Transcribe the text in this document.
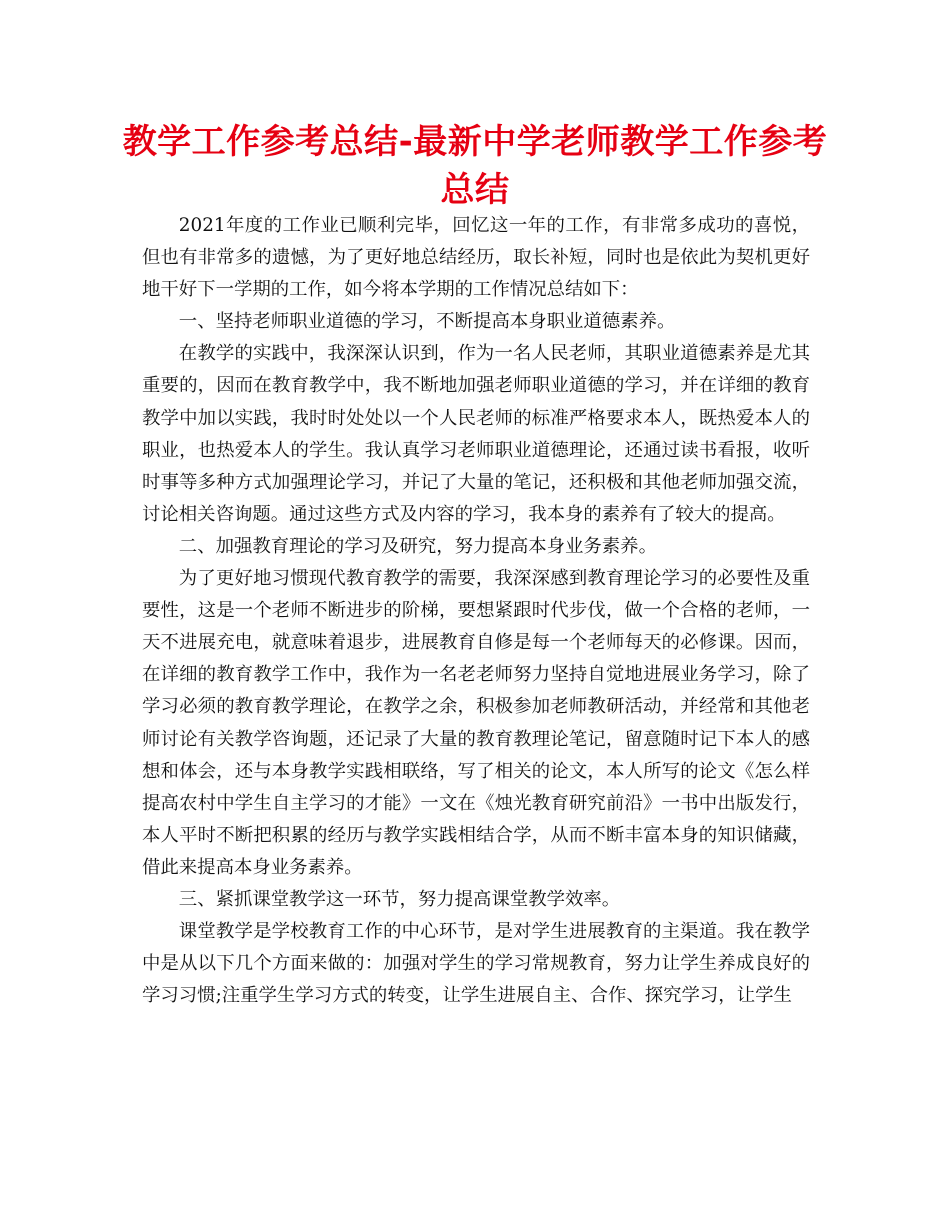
教学工作参考总结-最新中学老师教学工作参考总结

2021年度的工作业已顺利完毕，回忆这一年的工作，有非常多成功的喜悦，但也有非常多的遗憾，为了更好地总结经历，取长补短，同时也是依此为契机更好地干好下一学期的工作，如今将本学期的工作情况总结如下：

一、坚持老师职业道德的学习，不断提高本身职业道德素养。

在教学的实践中，我深深认识到，作为一名人民老师，其职业道德素养是尤其重要的，因而在教育教学中，我不断地加强老师职业道德的学习，并在详细的教育教学中加以实践，我时时处处以一个人民老师的标准严格要求本人，既热爱本人的职业，也热爱本人的学生。我认真学习老师职业道德理论，还通过读书看报，收听时事等多种方式加强理论学习，并记了大量的笔记，还积极和其他老师加强交流，讨论相关咨询题。通过这些方式及内容的学习，我本身的素养有了较大的提高。

二、加强教育理论的学习及研究，努力提高本身业务素养。

为了更好地习惯现代教育教学的需要，我深深感到教育理论学习的必要性及重要性，这是一个老师不断进步的阶梯，要想紧跟时代步伐，做一个合格的老师，一天不进展充电，就意味着退步，进展教育自修是每一个老师每天的必修课。因而，在详细的教育教学工作中，我作为一名老老师努力坚持自觉地进展业务学习，除了学习必须的教育教学理论，在教学之余，积极参加老师教研活动，并经常和其他老师讨论有关教学咨询题，还记录了大量的教育教理论笔记，留意随时记下本人的感想和体会，还与本身教学实践相联络，写了相关的论文，本人所写的论文《怎么样提高农村中学生自主学习的才能》一文在《烛光教育研究前沿》一书中出版发行，本人平时不断把积累的经历与教学实践相结合学，从而不断丰富本身的知识储藏，借此来提高本身业务素养。

三、紧抓课堂教学这一环节，努力提高课堂教学效率。

课堂教学是学校教育工作的中心环节，是对学生进展教育的主渠道。我在教学中是从以下几个方面来做的：加强对学生的学习常规教育，努力让学生养成良好的学习习惯;注重学生学习方式的转变，让学生进展自主、合作、探究学习，让学生
